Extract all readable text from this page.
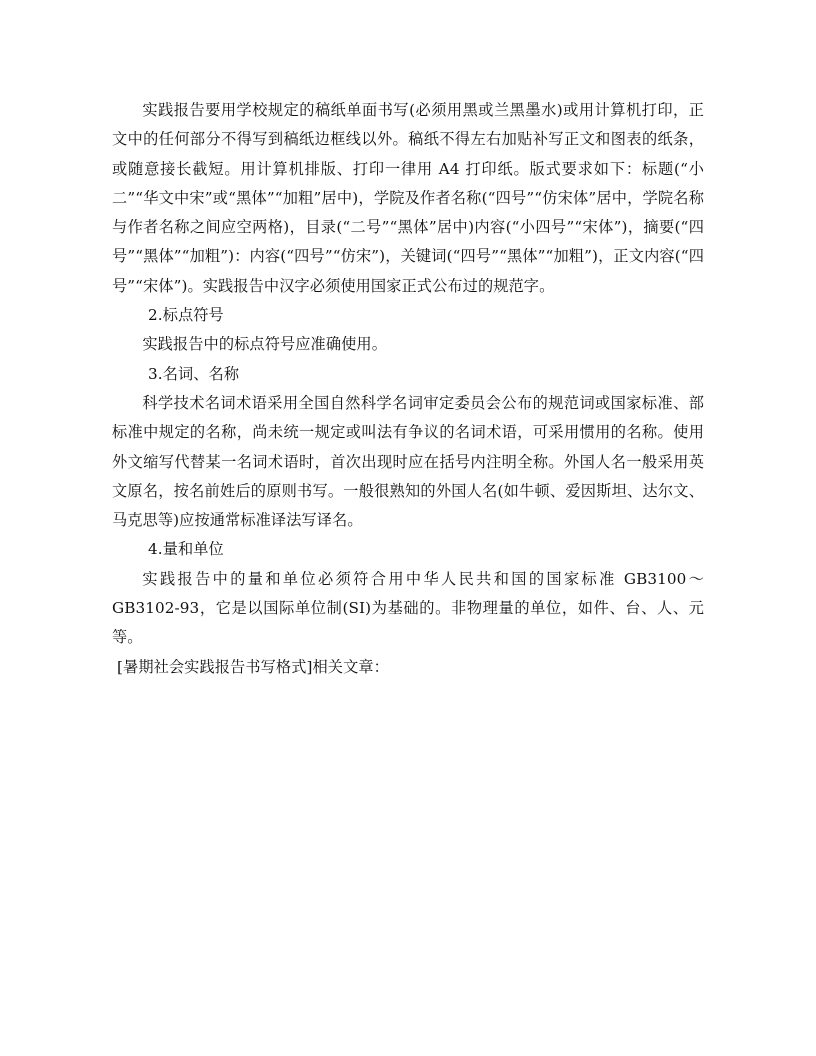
实践报告要用学校规定的稿纸单面书写(必须用黑或兰黑墨水)或用计算机打印，正文中的任何部分不得写到稿纸边框线以外。稿纸不得左右加贴补写正文和图表的纸条，或随意接长截短。用计算机排版、打印一律用 A4 打印纸。版式要求如下：标题(“小二”“华文中宋”或“黑体”“加粗”居中)，学院及作者名称(“四号”“仿宋体”居中，学院名称与作者名称之间应空两格)，目录(“二号”“黑体”居中)内容(“小四号”“宋体”)，摘要(“四号”“黑体”“加粗”)：内容(“四号”“仿宋”)，关键词(“四号”“黑体”“加粗”)，正文内容(“四号”“宋体”)。实践报告中汉字必须使用国家正式公布过的规范字。

2.标点符号

实践报告中的标点符号应准确使用。

3.名词、名称

科学技术名词术语采用全国自然科学名词审定委员会公布的规范词或国家标准、部标准中规定的名称，尚未统一规定或叫法有争议的名词术语，可采用惯用的名称。使用外文缩写代替某一名词术语时，首次出现时应在括号内注明全称。外国人名一般采用英文原名，按名前姓后的原则书写。一般很熟知的外国人名(如牛顿、爱因斯坦、达尔文、马克思等)应按通常标准译法写译名。

4.量和单位

实践报告中的量和单位必须符合用中华人民共和国的国家标准 GB3100～GB3102-93，它是以国际单位制(SI)为基础的。非物理量的单位，如件、台、人、元等。

[暑期社会实践报告书写格式]相关文章：
